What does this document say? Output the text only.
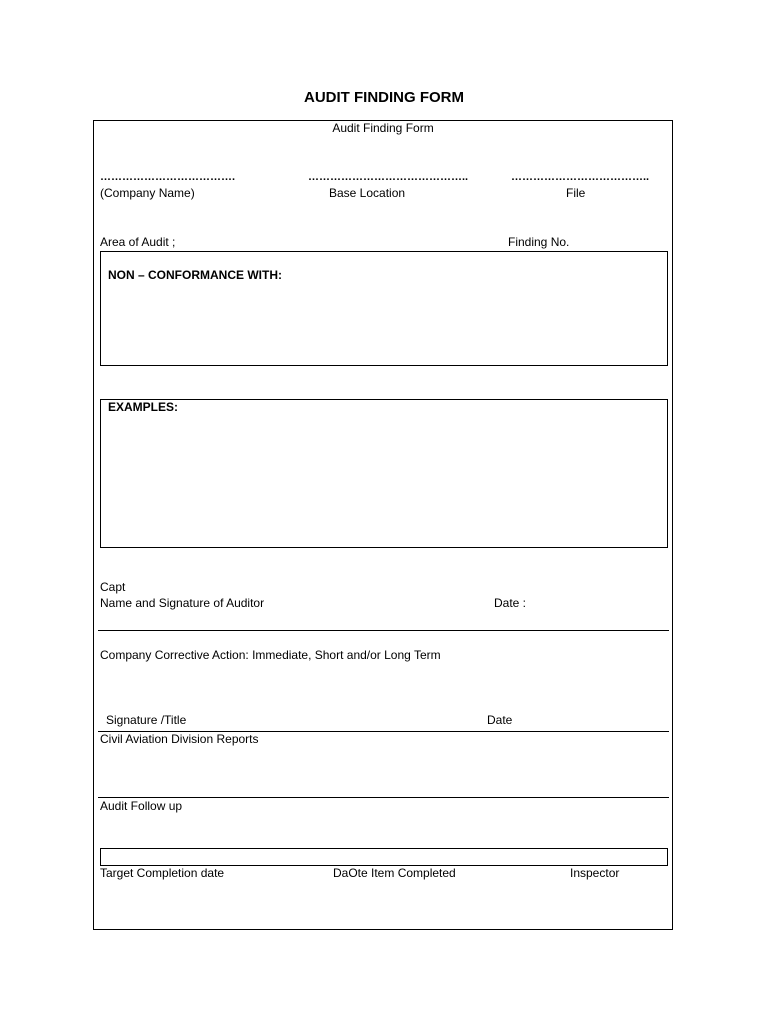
AUDIT FINDING FORM
Audit Finding Form
……………………………….
(Company Name)
……………………………………..
Base Location
………………………………..
File
Area of Audit ;	Finding No.
NON – CONFORMANCE WITH:
EXAMPLES:
Capt
Name and Signature of Auditor	Date :
Company Corrective Action: Immediate, Short and/or Long Term
Signature /Title	Date
Civil Aviation Division Reports
Audit Follow up
Target Completion date	DaOte Item Completed	Inspector
